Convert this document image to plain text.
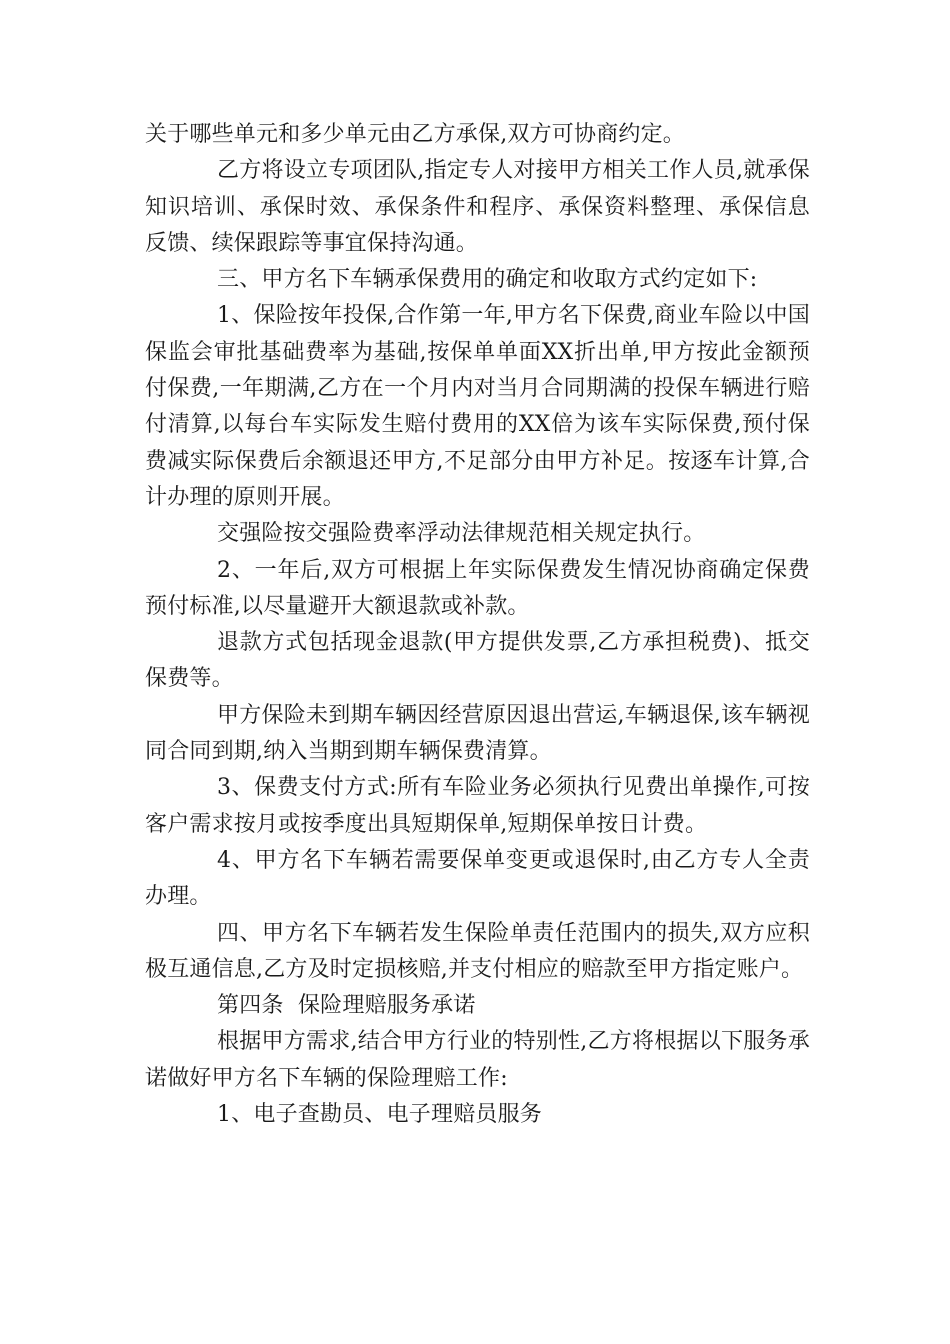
关于哪些单元和多少单元由乙方承保,双方可协商约定。

乙方将设立专项团队,指定专人对接甲方相关工作人员,就承保知识培训、承保时效、承保条件和程序、承保资料整理、承保信息反馈、续保跟踪等事宜保持沟通。

三、甲方名下车辆承保费用的确定和收取方式约定如下:

1、保险按年投保,合作第一年,甲方名下保费,商业车险以中国保监会审批基础费率为基础,按保单单面XX折出单,甲方按此金额预付保费,一年期满,乙方在一个月内对当月合同期满的投保车辆进行赔付清算,以每台车实际发生赔付费用的XX倍为该车实际保费,预付保费减实际保费后余额退还甲方,不足部分由甲方补足。按逐车计算,合计办理的原则开展。

交强险按交强险费率浮动法律规范相关规定执行。

2、一年后,双方可根据上年实际保费发生情况协商确定保费预付标准,以尽量避开大额退款或补款。

退款方式包括现金退款(甲方提供发票,乙方承担税费)、抵交保费等。

甲方保险未到期车辆因经营原因退出营运,车辆退保,该车辆视同合同到期,纳入当期到期车辆保费清算。

3、保费支付方式:所有车险业务必须执行见费出单操作,可按客户需求按月或按季度出具短期保单,短期保单按日计费。

4、甲方名下车辆若需要保单变更或退保时,由乙方专人全责办理。

四、甲方名下车辆若发生保险单责任范围内的损失,双方应积极互通信息,乙方及时定损核赔,并支付相应的赔款至甲方指定账户。

第四条  保险理赔服务承诺

根据甲方需求,结合甲方行业的特别性,乙方将根据以下服务承诺做好甲方名下车辆的保险理赔工作:

1、电子查勘员、电子理赔员服务
